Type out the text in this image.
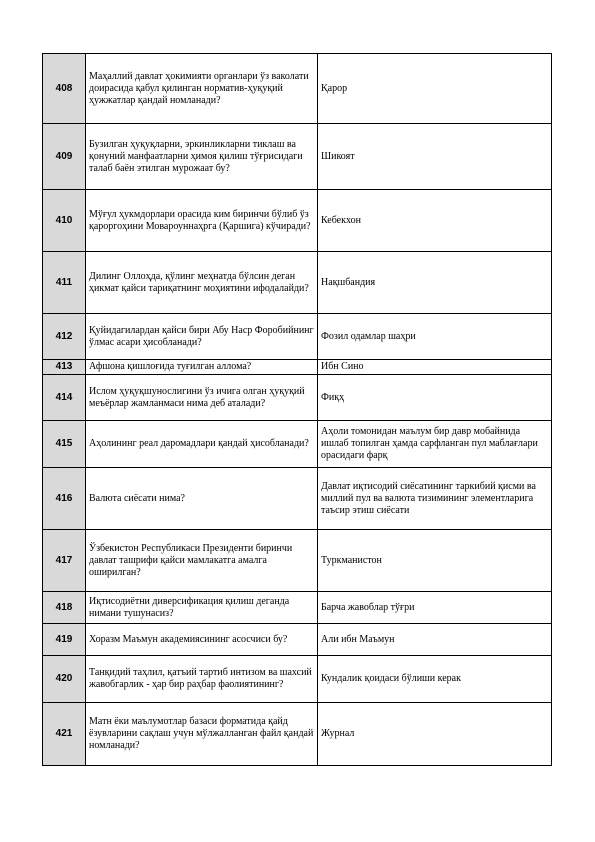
408	Маҳаллий давлат ҳокимияти органлари ўз ваколати доирасида қабул қилинган норматив-ҳуқуқий ҳужжатлар қандай номланади?	Қарор
409	Бузилган ҳуқуқларни, эркинликларни тиклаш ва қонуний манфаатларни ҳимоя қилиш тўғрисидаги талаб баён этилган мурожаат бу?	Шикоят
410	Мўғул ҳукмдорлари орасида ким биринчи бўлиб ўз қароргоҳини Мовароуннаҳрга (Қаршига) кўчиради?	Кебекхон
411	Дилинг Оллоҳда, қўлинг меҳнатда бўлсин деган ҳикмат қайси тариқатнинг моҳиятини ифодалайди?	Нақшбандия
412	Қуйидагилардан қайси бири Абу Наср Форобийнинг ўлмас асари ҳисобланади?	Фозил одамлар шаҳри
413	Афшона қишлоғида туғилган аллома?	Ибн Сино
414	Ислом ҳуқуқшунослигини ўз ичига олган ҳуқуқий меъёрлар жамланмаси нима деб аталади?	Фиқҳ
415	Аҳолининг реал даромадлари қандай ҳисобланади?	Аҳоли томонидан маълум бир давр мобайнида ишлаб топилган ҳамда сарфланган пул маблағлари орасидаги фарқ
416	Валюта сиёсати нима?	Давлат иқтисодий сиёсатининг таркибий қисми ва миллий пул ва валюта тизимининг элементларига таъсир этиш сиёсати
417	Ўзбекистон Республикаси Президенти биринчи давлат ташрифи қайси мамлакатга амалга оширилган?	Туркманистон
418	Иқтисодиётни диверсификация қилиш деганда нимани тушунасиз?	Барча жавоблар тўғри
419	Хоразм Маъмун академиясининг асосчиси бу?	Али ибн Маъмун
420	Танқидий таҳлил, қатъий тартиб интизом ва шахсий жавобгарлик - ҳар бир раҳбар фаолиятининг?	Кундалик қоидаси бўлиши керак
421	Матн ёки маълумотлар базаси форматида қайд ёзувларини сақлаш учун мўлжалланган файл қандай номланади?	Журнал
